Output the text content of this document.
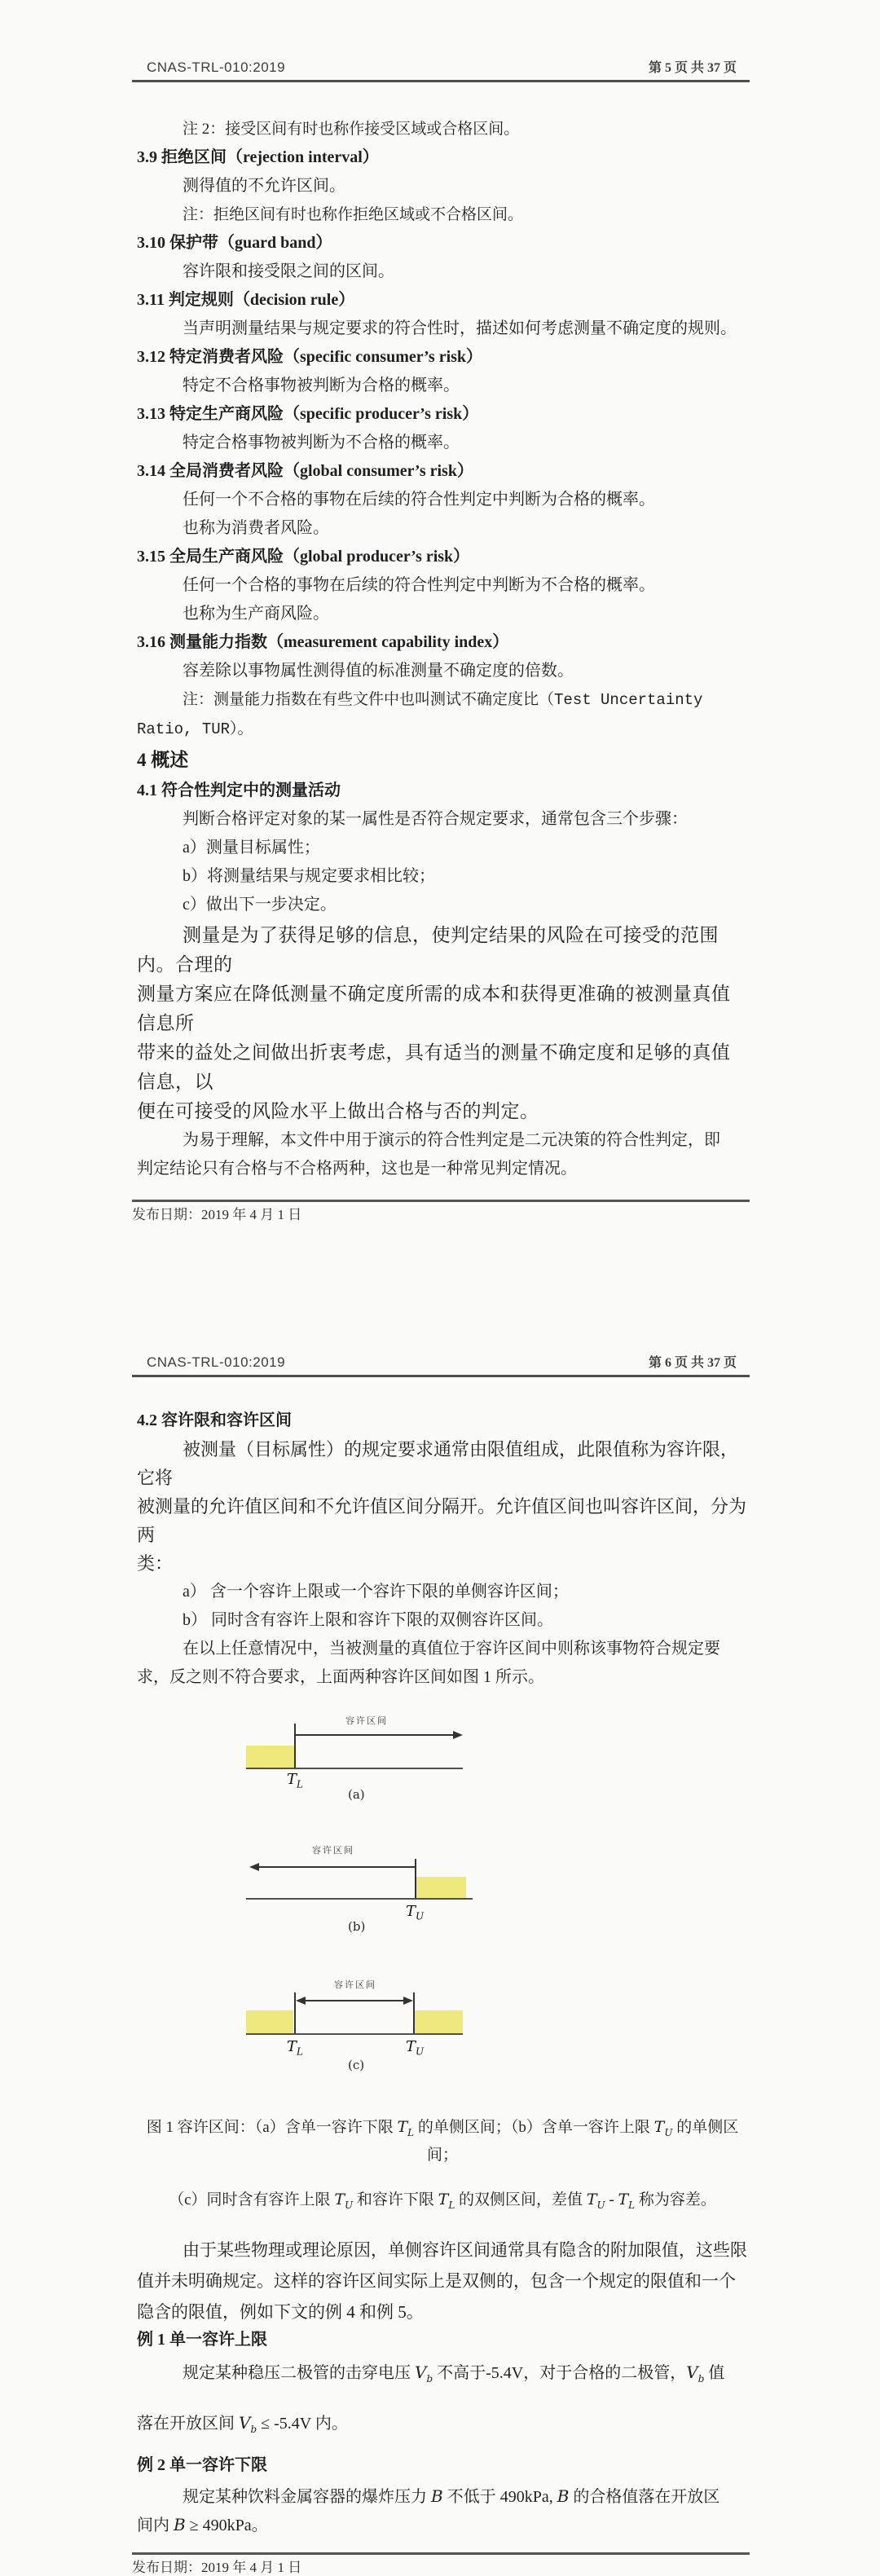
CNAS-TRL-010:2019	第 5 页 共 37 页

注 2：接受区间有时也称作接受区域或合格区间。

3.9 拒绝区间（rejection interval）

测得值的不允许区间。

注：拒绝区间有时也称作拒绝区域或不合格区间。

3.10 保护带（guard band）

容许限和接受限之间的区间。

3.11 判定规则（decision rule）

当声明测量结果与规定要求的符合性时，描述如何考虑测量不确定度的规则。

3.12 特定消费者风险（specific consumer’s risk）

特定不合格事物被判断为合格的概率。

3.13 特定生产商风险（specific producer’s risk）

特定合格事物被判断为不合格的概率。

3.14 全局消费者风险（global consumer’s risk）

任何一个不合格的事物在后续的符合性判定中判断为合格的概率。

也称为消费者风险。

3.15 全局生产商风险（global producer’s risk）

任何一个合格的事物在后续的符合性判定中判断为不合格的概率。

也称为生产商风险。

3.16 测量能力指数（measurement capability index）

容差除以事物属性测得值的标准测量不确定度的倍数。

注：测量能力指数在有些文件中也叫测试不确定度比（Test Uncertainty

Ratio, TUR）。

4 概述

4.1 符合性判定中的测量活动

判断合格评定对象的某一属性是否符合规定要求，通常包含三个步骤：

a）测量目标属性；

b）将测量结果与规定要求相比较；

c）做出下一步决定。

测量是为了获得足够的信息，使判定结果的风险在可接受的范围内。合理的

测量方案应在降低测量不确定度所需的成本和获得更准确的被测量真值信息所

带来的益处之间做出折衷考虑，具有适当的测量不确定度和足够的真值信息，以

便在可接受的风险水平上做出合格与否的判定。

为易于理解，本文件中用于演示的符合性判定是二元决策的符合性判定，即

判定结论只有合格与不合格两种，这也是一种常见判定情况。

发布日期：2019 年 4 月 1 日

CNAS-TRL-010:2019	第 6 页 共 37 页

4.2 容许限和容许区间

被测量（目标属性）的规定要求通常由限值组成，此限值称为容许限，它将

被测量的允许值区间和不允许值区间分隔开。允许值区间也叫容许区间，分为两

类：

a） 含一个容许上限或一个容许下限的单侧容许区间；

b） 同时含有容许上限和容许下限的双侧容许区间。

在以上任意情况中，当被测量的真值位于容许区间中则称该事物符合规定要

求，反之则不符合要求，上面两种容许区间如图 1 所示。

容许区间
$T_L$
(a)
容许区间
$T_U$
(b)
容许区间
$T_L$	$T_U$
(c)

图 1 容许区间：（a）含单一容许下限 $T_L$ 的单侧区间；（b）含单一容许上限 $T_U$ 的单侧区间；

（c）同时含有容许上限 $T_U$ 和容许下限 $T_L$ 的双侧区间，差值 $T_U - T_L$ 称为容差。

由于某些物理或理论原因，单侧容许区间通常具有隐含的附加限值，这些限

值并未明确规定。这样的容许区间实际上是双侧的，包含一个规定的限值和一个

隐含的限值，例如下文的例 4 和例 5。

例 1 单一容许上限

规定某种稳压二极管的击穿电压 $V_b$ 不高于-5.4V，对于合格的二极管，$V_b$ 值

落在开放区间 $V_b \le -5.4V$ 内。

例 2 单一容许下限

规定某种饮料金属容器的爆炸压力 B 不低于 490kPa, B 的合格值落在开放区

间内 B ≥ 490kPa。

发布日期：2019 年 4 月 1 日
